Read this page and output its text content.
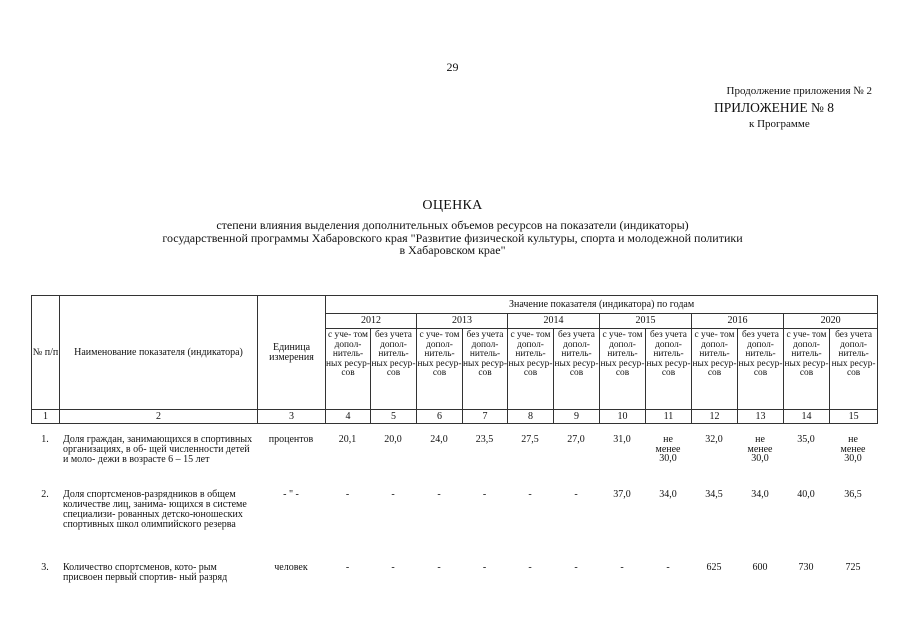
29
Продолжение приложения № 2
ПРИЛОЖЕНИЕ № 8
к Программе
ОЦЕНКА
степени влияния выделения дополнительных объемов ресурсов на показатели (индикаторы)
государственной программы Хабаровского края "Развитие физической культуры, спорта и молодежной политики
в Хабаровском крае"
№ п/п	Наименование показателя (индикатора)	Единица измерения	Значение показателя (индикатора) по годам											
			2012		2013		2014		2015		2016		2020	
			с уче- том допол- нитель- ных ресур- сов	без учета допол- нитель- ных ресур- сов	с уче- том допол- нитель- ных ресур- сов	без учета допол- нитель- ных ресур- сов	с уче- том допол- нитель- ных ресур- сов	без учета допол- нитель- ных ресур- сов	с уче- том допол- нитель- ных ресур- сов	без учета допол- нитель- ных ресур- сов	с уче- том допол- нитель- ных ресур- сов	без учета допол- нитель- ных ресур- сов	с уче- том допол- нитель- ных ресур- сов	без учета допол- нитель- ных ресур- сов
1	2	3	4	5	6	7	8	9	10	11	12	13	14	15
1.	Доля граждан, занимающихся в спортивных организациях, в об- щей численности детей и моло- дежи в возрасте 6 – 15 лет	процентов	20,1	20,0	24,0	23,5	27,5	27,0	31,0	не менее 30,0	32,0	не менее 30,0	35,0	не менее 30,0
2.	Доля спортсменов-разрядников в общем количестве лиц, занима- ющихся в системе специализи- рованных детско-юношеских спортивных школ олимпийского резерва	- " -	-	-	-	-	-	-	37,0	34,0	34,5	34,0	40,0	36,5
3.	Количество спортсменов, кото- рым присвоен первый спортив- ный разряд	человек	-	-	-	-	-	-	-	-	625	600	730	725
